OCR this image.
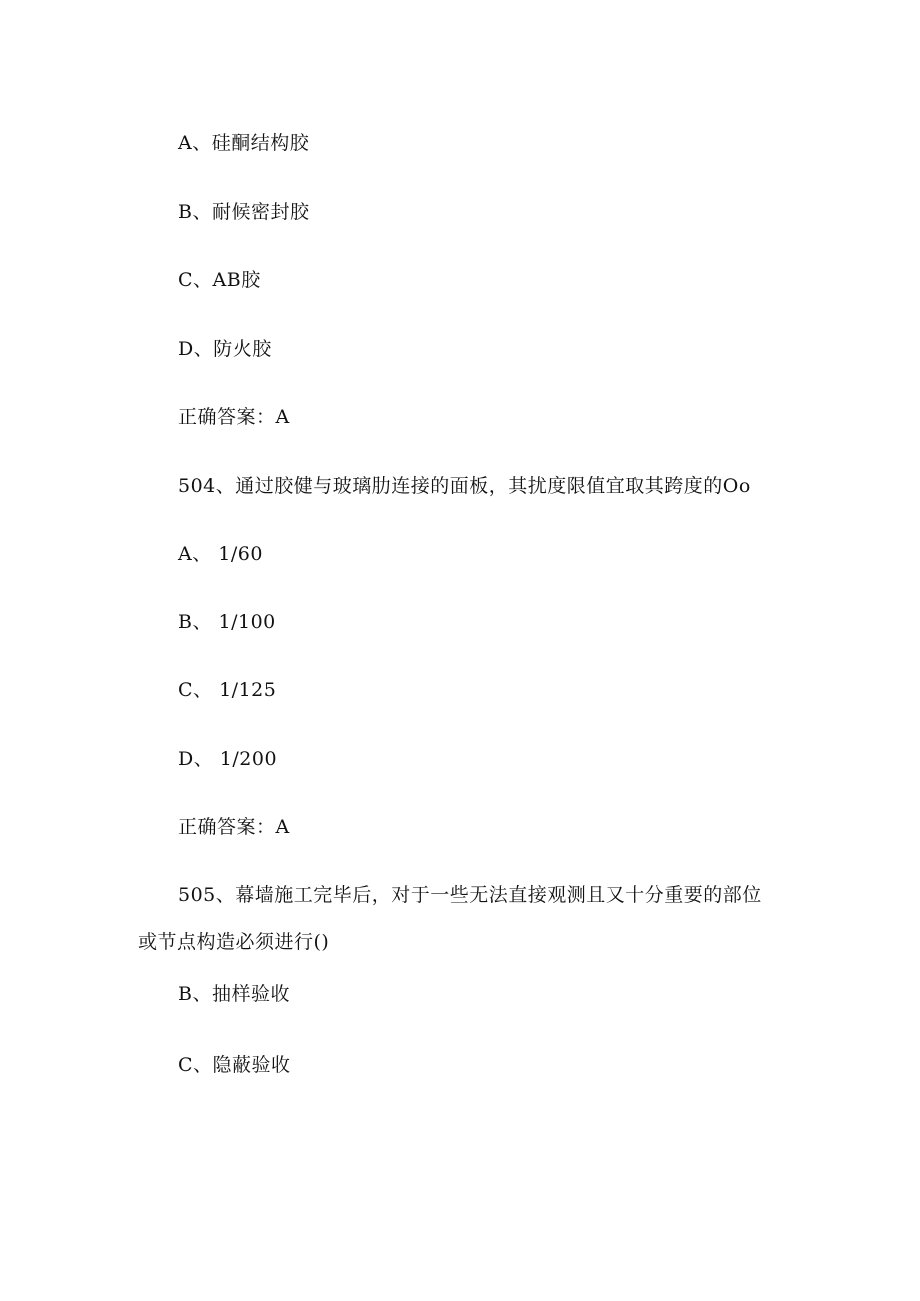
A、硅酮结构胶
B、耐候密封胶
C、AB胶
D、防火胶
正确答案：A
504、通过胶健与玻璃肋连接的面板，其扰度限值宜取其跨度的Oo
A、 1/60
B、 1/100
C、 1/125
D、 1/200
正确答案：A
505、幕墙施工完毕后，对于一些无法直接观测且又十分重要的部位
或节点构造必须进行()
B、抽样验收
C、隐蔽验收
